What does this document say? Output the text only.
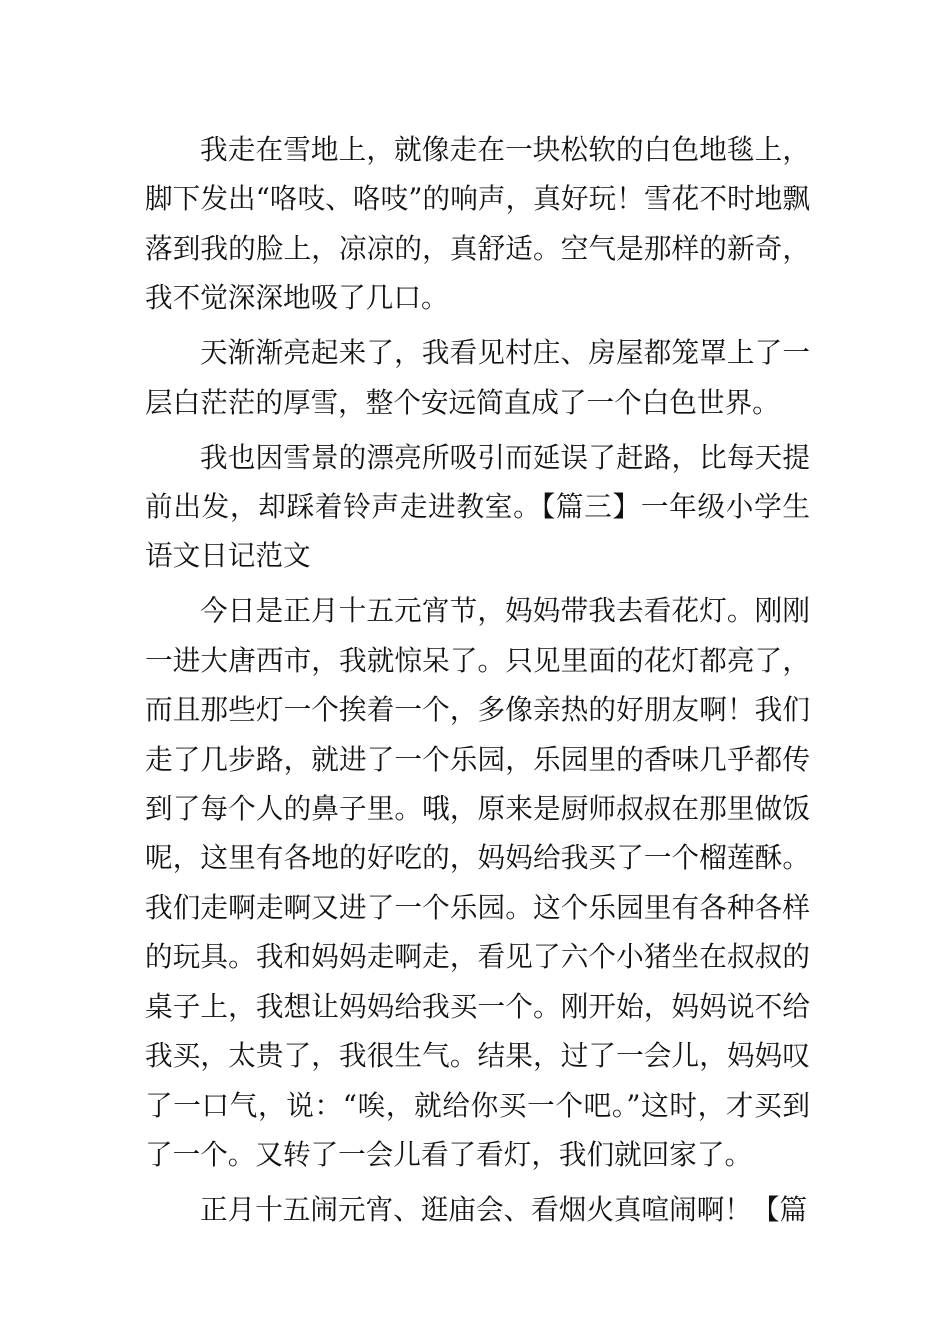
我走在雪地上，就像走在一块松软的白色地毯上，脚下发出“咯吱、咯吱”的响声，真好玩！雪花不时地飘落到我的脸上，凉凉的，真舒适。空气是那样的新奇，我不觉深深地吸了几口。

天渐渐亮起来了，我看见村庄、房屋都笼罩上了一层白茫茫的厚雪，整个安远简直成了一个白色世界。

我也因雪景的漂亮所吸引而延误了赶路，比每天提前出发，却踩着铃声走进教室。【篇三】一年级小学生语文日记范文

今日是正月十五元宵节，妈妈带我去看花灯。刚刚一进大唐西市，我就惊呆了。只见里面的花灯都亮了，而且那些灯一个挨着一个，多像亲热的好朋友啊！我们走了几步路，就进了一个乐园，乐园里的香味几乎都传到了每个人的鼻子里。哦，原来是厨师叔叔在那里做饭呢，这里有各地的好吃的，妈妈给我买了一个榴莲酥。我们走啊走啊又进了一个乐园。这个乐园里有各种各样的玩具。我和妈妈走啊走，看见了六个小猪坐在叔叔的桌子上，我想让妈妈给我买一个。刚开始，妈妈说不给我买，太贵了，我很生气。结果，过了一会儿，妈妈叹了一口气，说：“唉，就给你买一个吧。”这时，才买到了一个。又转了一会儿看了看灯，我们就回家了。

正月十五闹元宵、逛庙会、看烟火真喧闹啊！【篇
